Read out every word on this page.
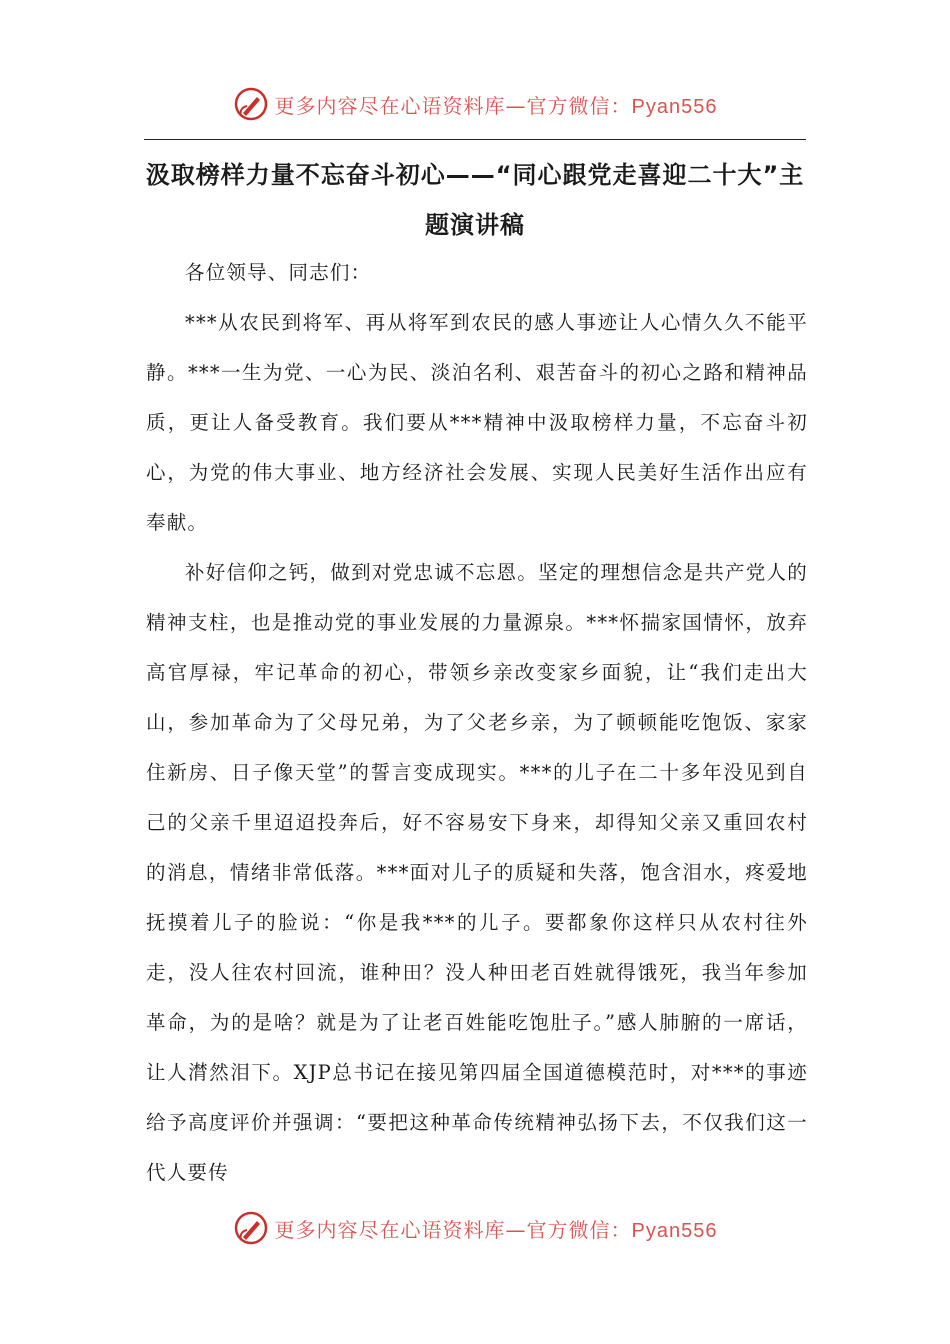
更多内容尽在心语资料库—官方微信：Pyan556
汲取榜样力量不忘奋斗初心——“同心跟党走喜迎二十大”主题演讲稿

各位领导、同志们：

***从农民到将军、再从将军到农民的感人事迹让人心情久久不能平静。***一生为党、一心为民、淡泊名利、艰苦奋斗的初心之路和精神品质，更让人备受教育。我们要从***精神中汲取榜样力量，不忘奋斗初心，为党的伟大事业、地方经济社会发展、实现人民美好生活作出应有奉献。

补好信仰之钙，做到对党忠诚不忘恩。坚定的理想信念是共产党人的精神支柱，也是推动党的事业发展的力量源泉。***怀揣家国情怀，放弃高官厚禄，牢记革命的初心，带领乡亲改变家乡面貌，让“我们走出大山，参加革命为了父母兄弟，为了父老乡亲，为了顿顿能吃饱饭、家家住新房、日子像天堂”的誓言变成现实。***的儿子在二十多年没见到自己的父亲千里迢迢投奔后，好不容易安下身来，却得知父亲又重回农村的消息，情绪非常低落。***面对儿子的质疑和失落，饱含泪水，疼爱地抚摸着儿子的脸说：“你是我***的儿子。要都象你这样只从农村往外走，没人往农村回流，谁种田？没人种田老百姓就得饿死，我当年参加革命，为的是啥？就是为了让老百姓能吃饱肚子。”感人肺腑的一席话，让人潸然泪下。XJP总书记在接见第四届全国道德模范时，对***的事迹给予高度评价并强调：“要把这种革命传统精神弘扬下去，不仅我们这一代人要传

更多内容尽在心语资料库—官方微信：Pyan556
